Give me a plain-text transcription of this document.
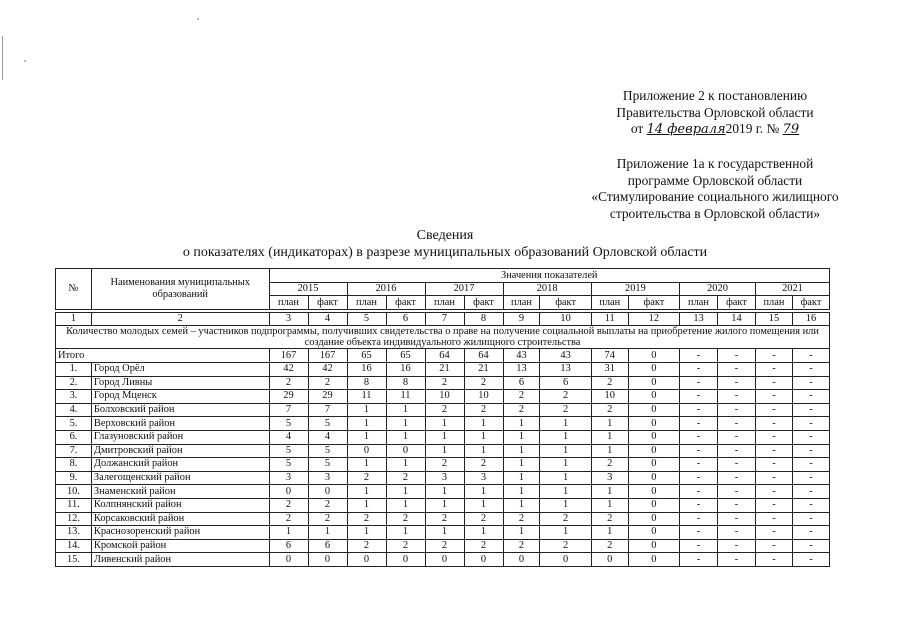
Приложение 2 к постановлению
Правительства Орловской области
от 14 февраля2019 г. № 79
Приложение 1а к государственной
программе Орловской области
«Стимулирование социального жилищного
строительства в Орловской области»
Сведения
о показателях (индикаторах) в разрезе муниципальных образований Орловской области
№	Наименования муниципальных образований	Значения показателей													
		2015		2016		2017		2018		2019		2020		2021	
		план	факт	план	факт	план	факт	план	факт	план	факт	план	факт	план	факт

1	2	3	4	5	6	7	8	9	10	11	12	13	14	15	16
Количество молодых семей – участников подпрограммы, получивших свидетельства о праве на получение социальной выплаты на приобретение жилого помещения или создание объекта индивидуального жилищного строительства															
Итого		167	167	65	65	64	64	43	43	74	0	-	-	-	-
1.	Город Орёл	42	42	16	16	21	21	13	13	31	0	-	-	-	-
2.	Город Ливны	2	2	8	8	2	2	6	6	2	0	-	-	-	-
3.	Город Мценск	29	29	11	11	10	10	2	2	10	0	-	-	-	-
4.	Болховский район	7	7	1	1	2	2	2	2	2	0	-	-	-	-
5.	Верховский район	5	5	1	1	1	1	1	1	1	0	-	-	-	-
6.	Глазуновский район	4	4	1	1	1	1	1	1	1	0	-	-	-	-
7.	Дмитровский район	5	5	0	0	1	1	1	1	1	0	-	-	-	-
8.	Должанский район	5	5	1	1	2	2	1	1	2	0	-	-	-	-
9.	Залегощенский район	3	3	2	2	3	3	1	1	3	0	-	-	-	-
10.	Знаменский район	0	0	1	1	1	1	1	1	1	0	-	-	-	-
11.	Колпнянский район	2	2	1	1	1	1	1	1	1	0	-	-	-	-
12.	Корсаковский район	2	2	2	2	2	2	2	2	2	0	-	-	-	-
13.	Краснозоренский район	1	1	1	1	1	1	1	1	1	0	-	-	-	-
14.	Кромской район	6	6	2	2	2	2	2	2	2	0	-	-	-	-
15.	Ливенский район	0	0	0	0	0	0	0	0	0	0	-	-	-	-
